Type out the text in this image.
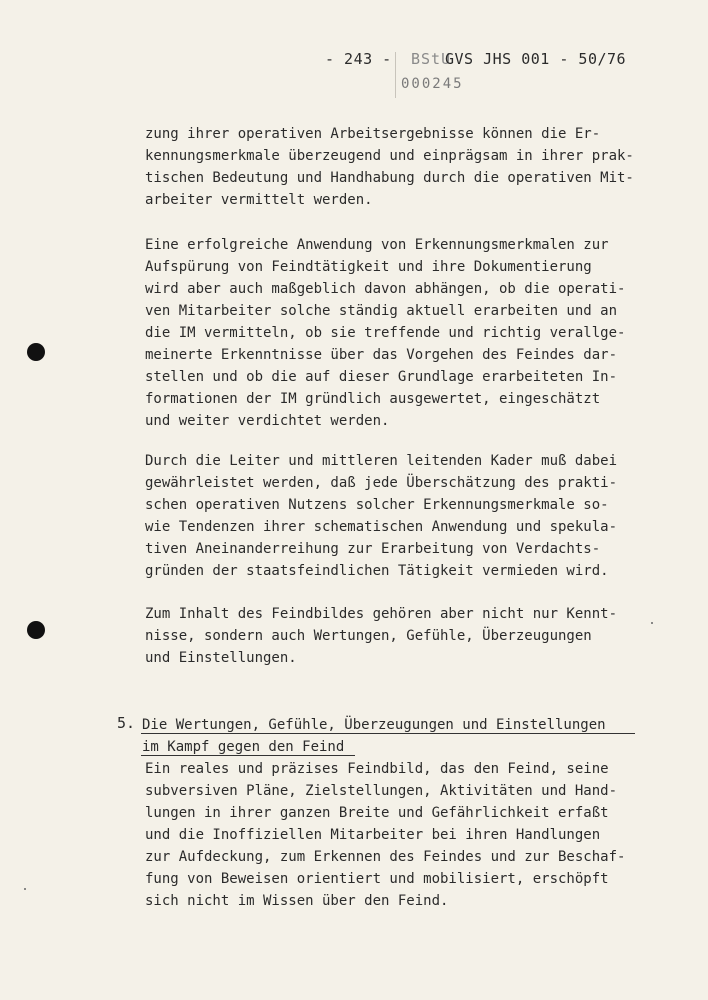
- 243 - BStU
GVS JHS 001 - 50/76
000245
zung ihrer operativen Arbeitsergebnisse können die Er-
kennungsmerkmale überzeugend und einprägsam in ihrer prak-
tischen Bedeutung und Handhabung durch die operativen Mit-
arbeiter vermittelt werden.
Eine erfolgreiche Anwendung von Erkennungsmerkmalen zur
Aufspürung von Feindtätigkeit und ihre Dokumentierung
wird aber auch maßgeblich davon abhängen, ob die operati-
ven Mitarbeiter solche ständig aktuell erarbeiten und an
die IM vermitteln, ob sie treffende und richtig verallge-
meinerte Erkenntnisse über das Vorgehen des Feindes dar-
stellen und ob die auf dieser Grundlage erarbeiteten In-
formationen der IM gründlich ausgewertet, eingeschätzt
und weiter verdichtet werden.
Durch die Leiter und mittleren leitenden Kader muß dabei
gewährleistet werden, daß jede Überschätzung des prakti-
schen operativen Nutzens solcher Erkennungsmerkmale so-
wie Tendenzen ihrer schematischen Anwendung und spekula-
tiven Aneinanderreihung zur Erarbeitung von Verdachts-
gründen der staatsfeindlichen Tätigkeit vermieden wird.
Zum Inhalt des Feindbildes gehören aber nicht nur Kennt-
nisse, sondern auch Wertungen, Gefühle, Überzeugungen
und Einstellungen.
5. Die Wertungen, Gefühle, Überzeugungen und Einstellungen
im Kampf gegen den Feind
Ein reales und präzises Feindbild, das den Feind, seine
subversiven Pläne, Zielstellungen, Aktivitäten und Hand-
lungen in ihrer ganzen Breite und Gefährlichkeit erfaßt
und die Inoffiziellen Mitarbeiter bei ihren Handlungen
zur Aufdeckung, zum Erkennen des Feindes und zur Beschaf-
fung von Beweisen orientiert und mobilisiert, erschöpft
sich nicht im Wissen über den Feind.
